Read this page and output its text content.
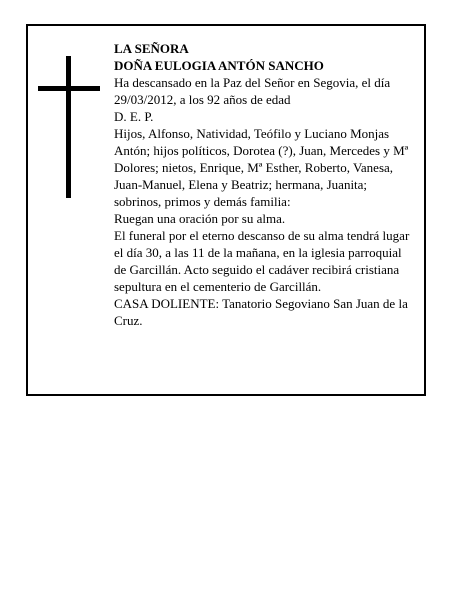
LA SEÑORA

DOÑA EULOGIA ANTÓN SANCHO

Ha descansado en la Paz del Señor en Segovia, el día 29/03/2012, a los 92 años de edad

D. E. P.

Hijos, Alfonso, Natividad, Teófilo y Luciano Monjas Antón; hijos políticos, Dorotea (?), Juan, Mercedes y Mª Dolores; nietos, Enrique, Mª Esther, Roberto, Vanesa, Juan-Manuel, Elena y Beatriz; hermana, Juanita; sobrinos, primos y demás familia:

Ruegan una oración por su alma.

El funeral por el eterno descanso de su alma tendrá lugar el día 30, a las 11 de la mañana, en la iglesia parroquial de Garcillán. Acto seguido el cadáver recibirá cristiana sepultura en el cementerio de Garcillán.

CASA DOLIENTE: Tanatorio Segoviano San Juan de la Cruz.
